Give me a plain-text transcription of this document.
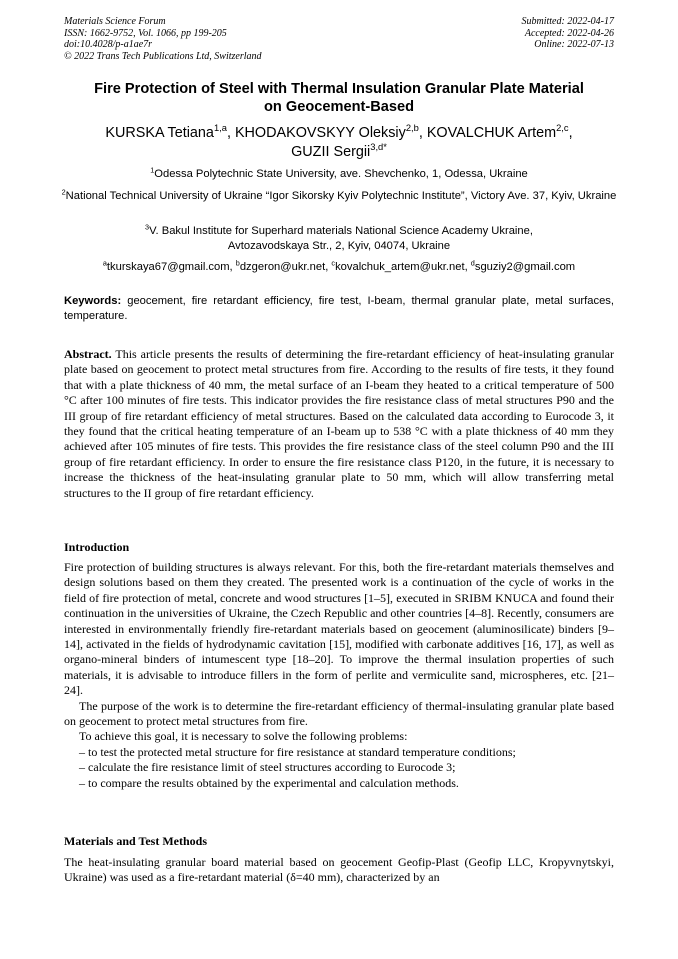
Materials Science Forum
ISSN: 1662-9752, Vol. 1066, pp 199-205
doi:10.4028/p-a1ae7r
© 2022 Trans Tech Publications Ltd, Switzerland
Submitted: 2022-04-17
Accepted: 2022-04-26
Online: 2022-07-13
Fire Protection of Steel with Thermal Insulation Granular Plate Material
on Geocement-Based
KURSKA Tetiana$^{1,a}$, KHODAKOVSKYY Oleksiy$^{2,b}$, KOVALCHUK Artem$^{2,c}$,
GUZII Sergii$^{3,d*}$
$^1$Odessa Polytechnic State University, ave. Shevchenko, 1, Odessa, Ukraine
$^2$National Technical University of Ukraine “Igor Sikorsky Kyiv Polytechnic Institute”, Victory Ave. 37, Kyiv, Ukraine
$^3$V. Bakul Institute for Superhard materials National Science Academy Ukraine,
Avtozavodskaya Str., 2, Kyiv, 04074, Ukraine
$^a$tkurskaya67@gmail.com, $^b$dzgeron@ukr.net, $^c$kovalchuk_artem@ukr.net, $^d$sguziy2@gmail.com
Keywords: geocement, fire retardant efficiency, fire test, I-beam, thermal granular plate, metal surfaces, temperature.
Abstract. This article presents the results of determining the fire-retardant efficiency of heat-insulating granular plate based on geocement to protect metal structures from fire. According to the results of fire tests, it they found that with a plate thickness of 40 mm, the metal surface of an I-beam they heated to a critical temperature of 500 °C after 100 minutes of fire tests. This indicator provides the fire resistance class of metal structures P90 and the III group of fire retardant efficiency of metal structures. Based on the calculated data according to Eurocode 3, it they found that the critical heating temperature of an I-beam up to 538 °C with a plate thickness of 40 mm they achieved after 105 minutes of fire tests. This provides the fire resistance class of the steel column P90 and the III group of fire retardant efficiency. In order to ensure the fire resistance class P120, in the future, it is necessary to increase the thickness of the heat-insulating granular plate to 50 mm, which will allow transferring metal structures to the II group of fire retardant efficiency.
Introduction
Fire protection of building structures is always relevant. For this, both the fire-retardant materials themselves and design solutions based on them they created. The presented work is a continuation of the cycle of works in the field of fire protection of metal, concrete and wood structures [1–5], executed in SRIBM KNUCA and found their continuation in the universities of Ukraine, the Czech Republic and other countries [4–8]. Recently, consumers are interested in environmentally friendly fire-retardant materials based on geocement (aluminosilicate) binders [9–14], activated in the fields of hydrodynamic cavitation [15], modified with carbonate additives [16, 17], as well as organo-mineral binders of intumescent type [18–20]. To improve the thermal insulation properties of such materials, it is advisable to introduce fillers in the form of perlite and vermiculite sand, microspheres, etc. [21–24].
The purpose of the work is to determine the fire-retardant efficiency of thermal-insulating granular plate based on geocement to protect metal structures from fire.
To achieve this goal, it is necessary to solve the following problems:
– to test the protected metal structure for fire resistance at standard temperature conditions;
– calculate the fire resistance limit of steel structures according to Eurocode 3;
– to compare the results obtained by the experimental and calculation methods.
Materials and Test Methods
The heat-insulating granular board material based on geocement Geofip-Plast (Geofip LLC, Kropyvnytskyi, Ukraine) was used as a fire-retardant material (δ=40 mm), characterized by an
